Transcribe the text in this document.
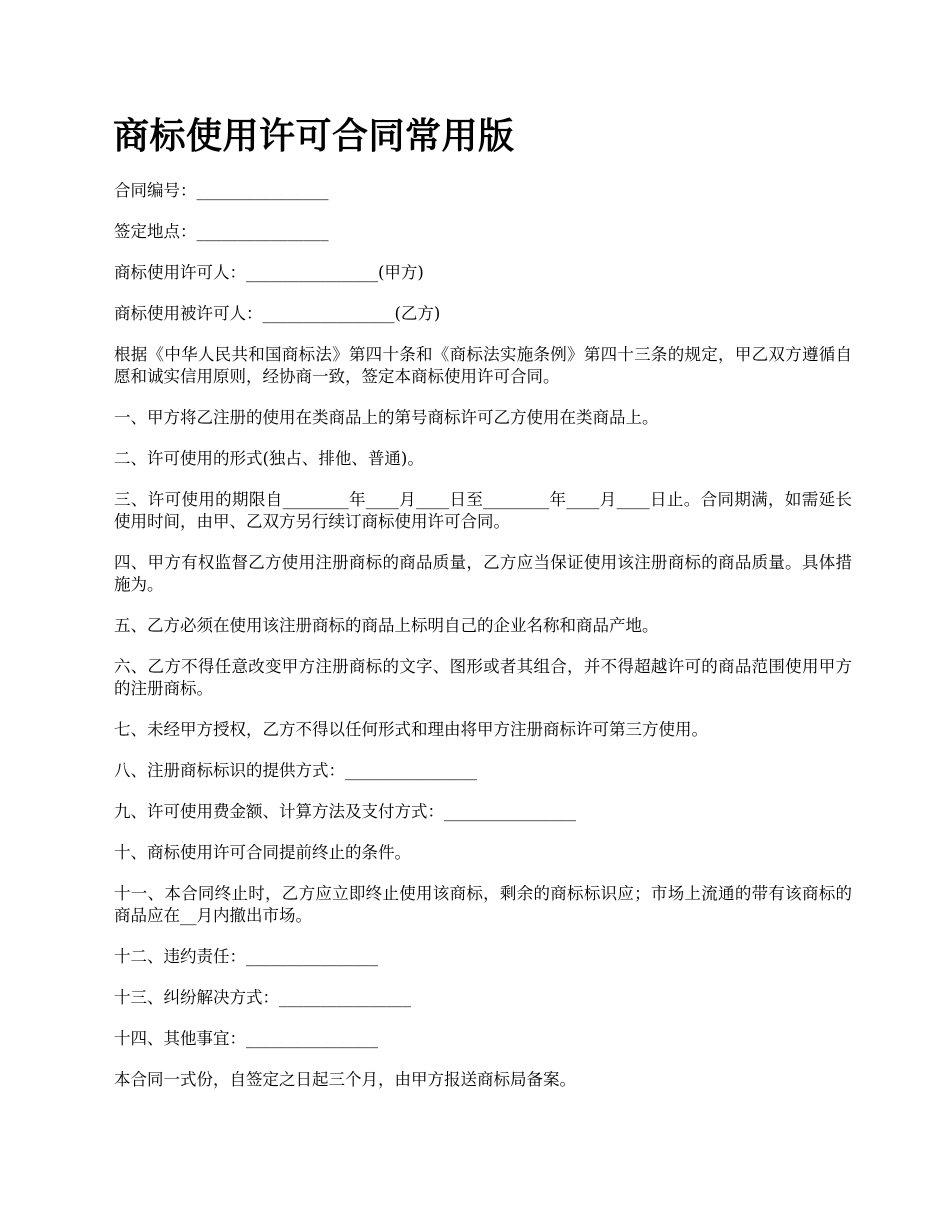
商标使用许可合同常用版

合同编号：________________

签定地点：________________

商标使用许可人：________________(甲方)

商标使用被许可人：________________(乙方)

根据《中华人民共和国商标法》第四十条和《商标法实施条例》第四十三条的规定，甲乙双方遵循自愿和诚实信用原则，经协商一致，签定本商标使用许可合同。

一、甲方将乙注册的使用在类商品上的第号商标许可乙方使用在类商品上。

二、许可使用的形式(独占、排他、普通)。

三、许可使用的期限自________年____月____日至________年____月____日止。合同期满，如需延长使用时间，由甲、乙双方另行续订商标使用许可合同。

四、甲方有权监督乙方使用注册商标的商品质量，乙方应当保证使用该注册商标的商品质量。具体措施为。

五、乙方必须在使用该注册商标的商品上标明自己的企业名称和商品产地。

六、乙方不得任意改变甲方注册商标的文字、图形或者其组合，并不得超越许可的商品范围使用甲方的注册商标。

七、未经甲方授权，乙方不得以任何形式和理由将甲方注册商标许可第三方使用。

八、注册商标标识的提供方式：________________

九、许可使用费金额、计算方法及支付方式：________________

十、商标使用许可合同提前终止的条件。

十一、本合同终止时，乙方应立即终止使用该商标，剩余的商标标识应；市场上流通的带有该商标的商品应在__月内撤出市场。

十二、违约责任：________________

十三、纠纷解决方式：________________

十四、其他事宜：________________

本合同一式份，自签定之日起三个月，由甲方报送商标局备案。
